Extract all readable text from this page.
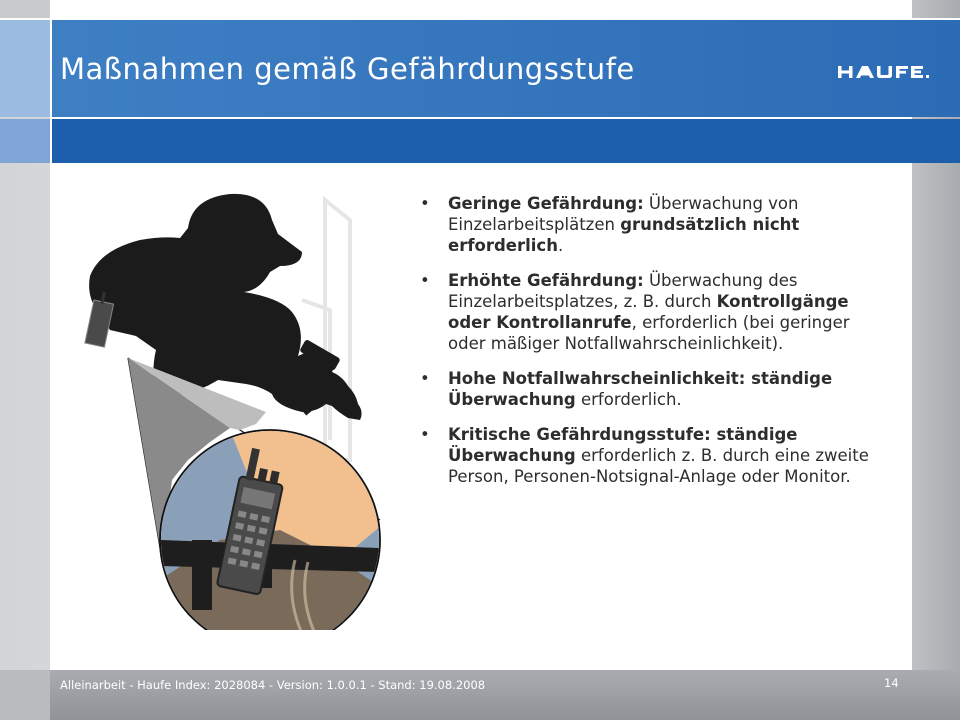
Maßnahmen gemäß Gefährdungsstufe
• Geringe Gefährdung: Überwachung von Einzelarbeitsplätzen grundsätzlich nicht erforderlich.
• Erhöhte Gefährdung: Überwachung des Einzelarbeitsplatzes, z. B. durch Kontrollgänge oder Kontrollanrufe, erforderlich (bei geringer oder mäßiger Notfallwahrscheinlichkeit).
• Hohe Notfallwahrscheinlichkeit: ständige Überwachung erforderlich.
• Kritische Gefährdungsstufe: ständige Überwachung erforderlich z. B. durch eine zweite Person, Personen-Notsignal-Anlage oder Monitor.
Alleinarbeit - Haufe Index: 2028084 - Version: 1.0.0.1 - Stand: 19.08.2008	14
